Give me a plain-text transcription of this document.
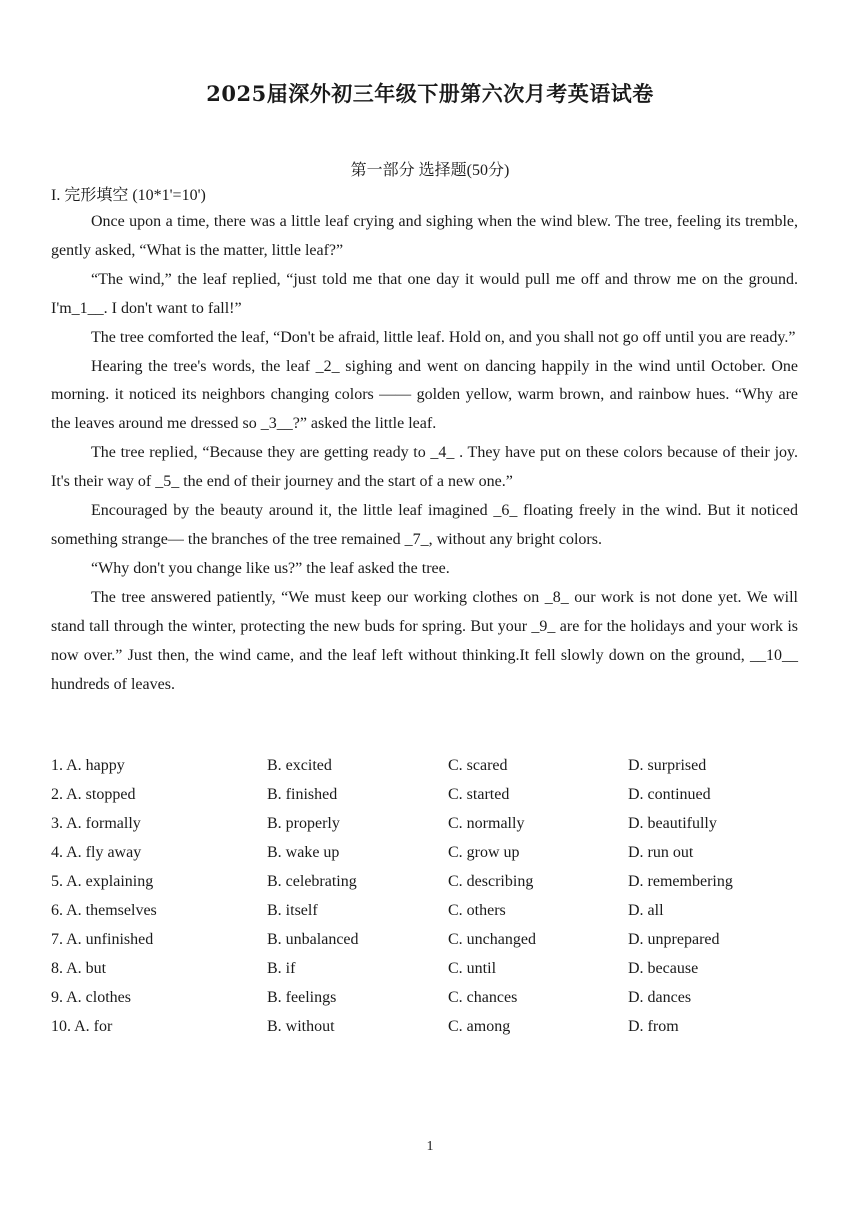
2025届深外初三年级下册第六次月考英语试卷
第一部分 选择题(50分)
I. 完形填空 (10*1'=10')

Once upon a time, there was a little leaf crying and sighing when the wind blew. The tree, feeling its tremble, gently asked, “What is the matter, little leaf?”

“The wind,” the leaf replied, “just told me that one day it would pull me off and throw me on the ground. I'm_1__. I don't want to fall!”

The tree comforted the leaf, “Don't be afraid, little leaf. Hold on, and you shall not go off until you are ready.”

Hearing the tree's words, the leaf _2_ sighing and went on dancing happily in the wind until October. One morning. it noticed its neighbors changing colors —— golden yellow, warm brown, and rainbow hues. “Why are the leaves around me dressed so _3__?” asked the little leaf.

The tree replied, “Because they are getting ready to _4_ . They have put on these colors because of their joy. It's their way of _5_ the end of their journey and the start of a new one.”

Encouraged by the beauty around it, the little leaf imagined _6_ floating freely in the wind. But it noticed something strange— the branches of the tree remained _7_, without any bright colors.

“Why don't you change like us?” the leaf asked the tree.

The tree answered patiently, “We must keep our working clothes on _8_ our work is not done yet. We will stand tall through the winter, protecting the new buds for spring. But your _9_ are for the holidays and your work is now over.” Just then, the wind came, and the leaf left without thinking.It fell slowly down on the ground, __10__ hundreds of leaves.

1. A. happy	B. excited	C. scared	D. surprised
2. A. stopped	B. finished	C. started	D. continued
3. A. formally	B. properly	C. normally	D. beautifully
4. A. fly away	B. wake up	C. grow up	D. run out
5. A. explaining	B. celebrating	C. describing	D. remembering
6. A. themselves	B. itself	C. others	D. all
7. A. unfinished	B. unbalanced	C. unchanged	D. unprepared
8. A. but	B. if	C. until	D. because
9. A. clothes	B. feelings	C. chances	D. dances
10. A. for	B. without	C. among	D. from
1
